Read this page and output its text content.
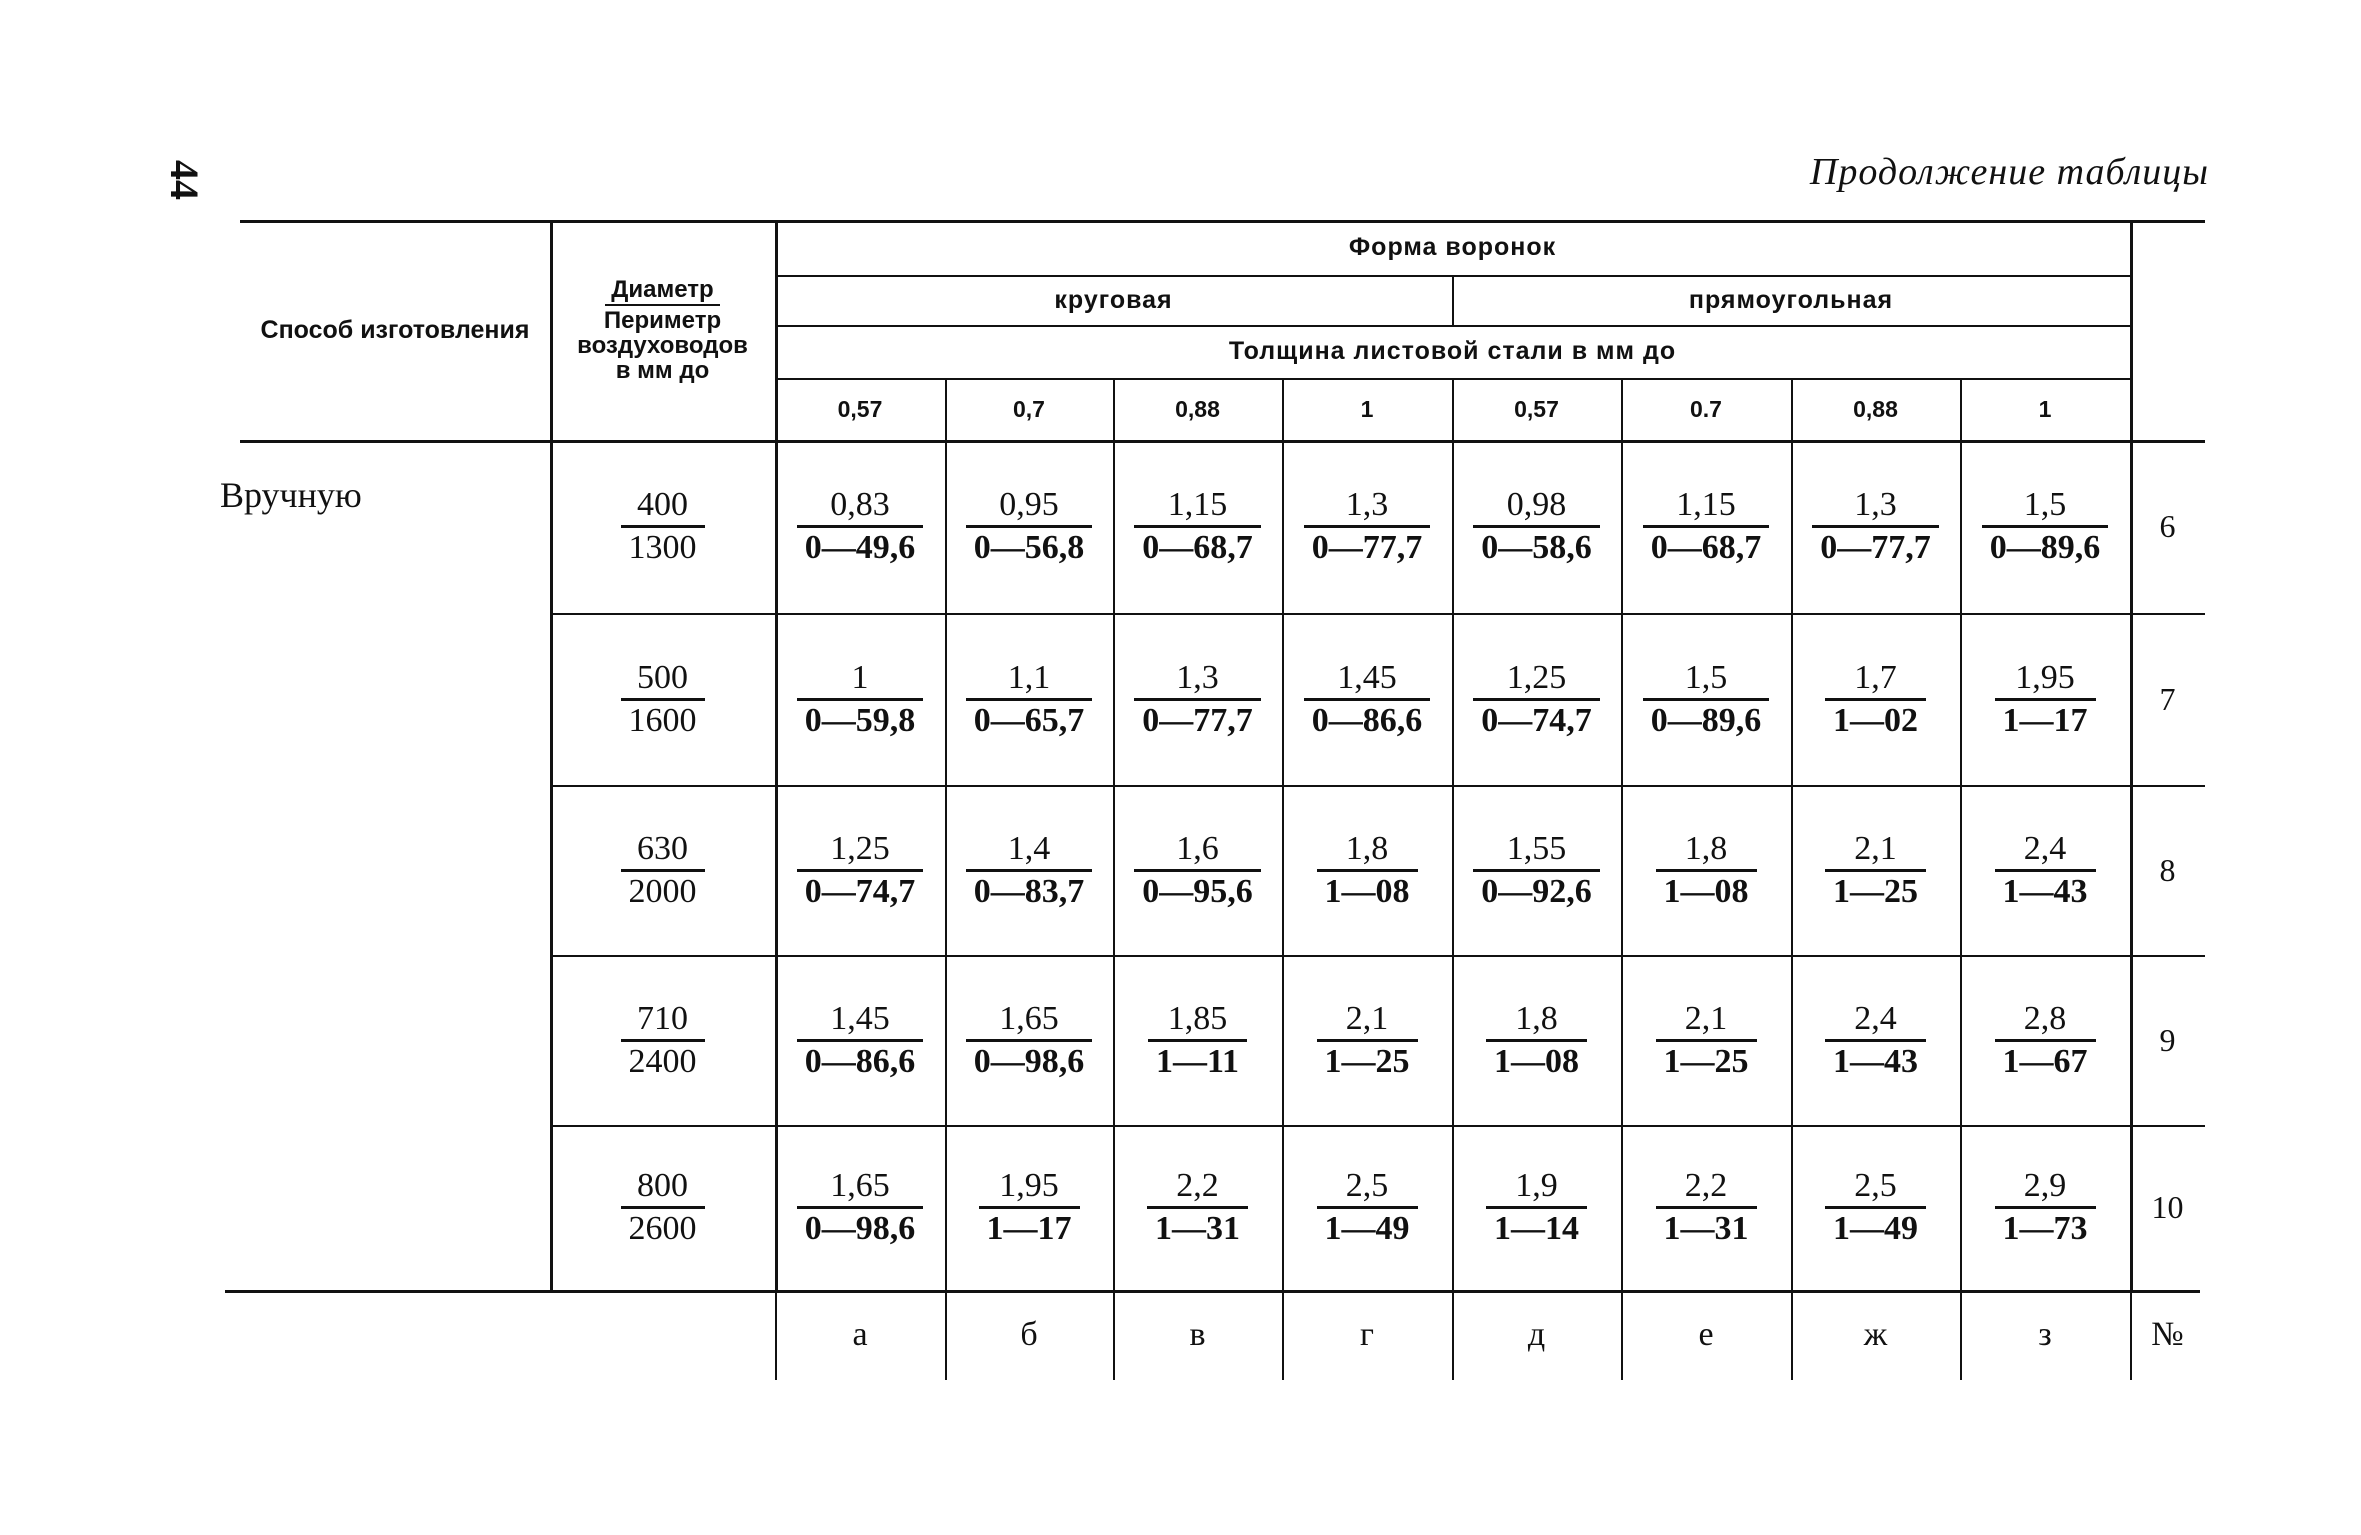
44	Продолжение таблицы
Способ изготовления
Диаметр
Периметр
воздуховодов
в мм до
Форма воронок
круговая	прямоугольная
Толщина листовой стали в мм до
0,57	0,7	0,88	1	0,57	0.7	0,88	1
Вручную	$\frac{400}{1300} \frac{0,83}{0—49,6} \frac{0,95}{0—56,8} \frac{1,15}{0—68,7} \frac{1,3}{0—77,7} \frac{0,98}{0—58,6} \frac{1,15}{0—68,7} \frac{1,3}{0—77,7} \frac{1,5}{0—89,6} 6$
$\frac{500}{1600} \frac{1}{0—59,8} \frac{1,1}{0—65,7} \frac{1,3}{0—77,7} \frac{1,45}{0—86,6} \frac{1,25}{0—74,7} \frac{1,5}{0—89,6} \frac{1,7}{1—02} \frac{1,95}{1—17} 7$
$\frac{630}{2000} \frac{1,25}{0—74,7} \frac{1,4}{0—83,7} \frac{1,6}{0—95,6} \frac{1,8}{1—08} \frac{1,55}{0—92,6} \frac{1,8}{1—08} \frac{2,1}{1—25} \frac{2,4}{1—43} 8$
$\frac{710}{2400} \frac{1,45}{0—86,6} \frac{1,65}{0—98,6} \frac{1,85}{1—11} \frac{2,1}{1—25} \frac{1,8}{1—08} \frac{2,1}{1—25} \frac{2,4}{1—43} \frac{2,8}{1—67} 9$
$\frac{800}{2600} \frac{1,65}{0—98,6} \frac{1,95}{1—17} \frac{2,2}{1—31} \frac{2,5}{1—49} \frac{1,9}{1—14} \frac{2,2}{1—31} \frac{2,5}{1—49} \frac{2,9}{1—73} 10$
а	б	в	г	д	е	ж	з	№
